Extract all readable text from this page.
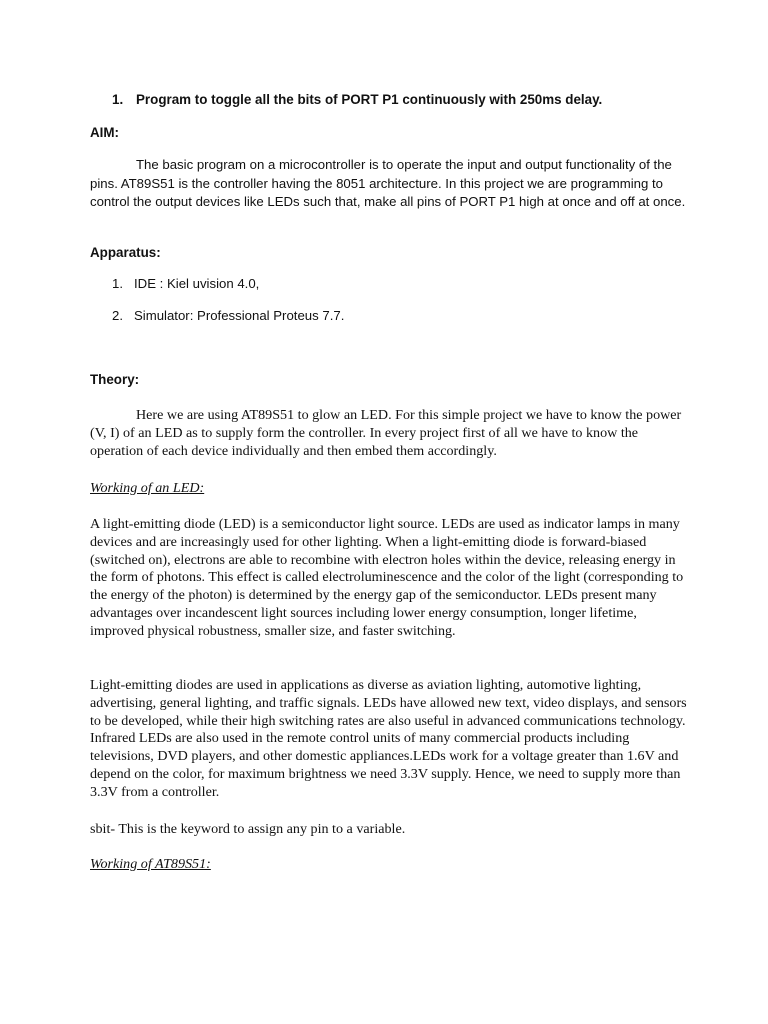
1. Program to toggle all the bits of PORT P1 continuously with 250ms delay.
AIM:
The basic program on a microcontroller is to operate the input and output functionality of the pins. AT89S51 is the controller having the 8051 architecture. In this project we are programming to control the output devices like LEDs such that, make all pins of PORT P1 high at once and off at once.
Apparatus:
1. IDE : Kiel uvision 4.0,
2. Simulator: Professional Proteus 7.7.
Theory:
Here we are using AT89S51 to glow an LED. For this simple project we have to know the power (V, I) of an LED as to supply form the controller. In every project first of all we have to know the operation of each device individually and then embed them accordingly.
Working of an LED:
A light-emitting diode (LED) is a semiconductor light source. LEDs are used as indicator lamps in many devices and are increasingly used for other lighting. When a light-emitting diode is forward-biased (switched on), electrons are able to recombine with electron holes within the device, releasing energy in the form of photons. This effect is called electroluminescence and the color of the light (corresponding to the energy of the photon) is determined by the energy gap of the semiconductor. LEDs present many advantages over incandescent light sources including lower energy consumption, longer lifetime, improved physical robustness, smaller size, and faster switching.
Light-emitting diodes are used in applications as diverse as aviation lighting, automotive lighting, advertising, general lighting, and traffic signals. LEDs have allowed new text, video displays, and sensors to be developed, while their high switching rates are also useful in advanced communications technology. Infrared LEDs are also used in the remote control units of many commercial products including televisions, DVD players, and other domestic appliances.LEDs work for a voltage greater than 1.6V and depend on the color, for maximum brightness we need 3.3V supply. Hence, we need to supply more than 3.3V from a controller.
sbit- This is the keyword to assign any pin to a variable.
Working of AT89S51:
